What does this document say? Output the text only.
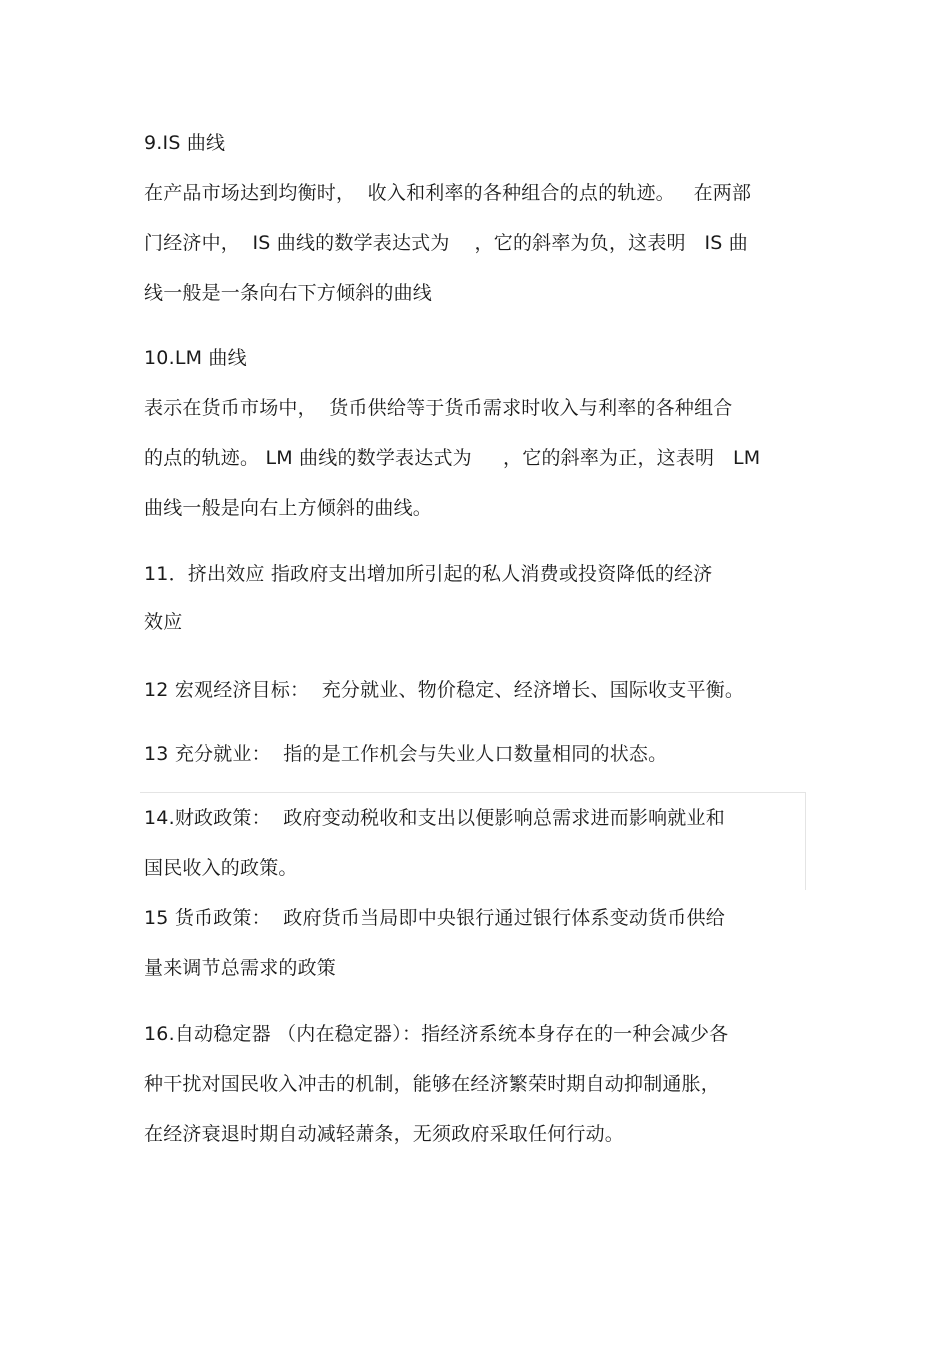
9.IS 曲线
在产品市场达到均衡时，  收入和利率的各种组合的点的轨迹。   在两部
门经济中，  IS 曲线的数学表达式为    ，它的斜率为负，这表明   IS 曲
线一般是一条向右下方倾斜的曲线
10.LM 曲线
表示在货币市场中，  货币供给等于货币需求时收入与利率的各种组合
的点的轨迹。 LM 曲线的数学表达式为     ，它的斜率为正，这表明   LM
曲线一般是向右上方倾斜的曲线。
11．挤出效应 指政府支出增加所引起的私人消费或投资降低的经济
效应
12 宏观经济目标：  充分就业、物价稳定、经济增长、国际收支平衡。
13 充分就业：  指的是工作机会与失业人口数量相同的状态。
14.财政政策：  政府变动税收和支出以便影响总需求进而影响就业和
国民收入的政策。
15 货币政策：  政府货币当局即中央银行通过银行体系变动货币供给
量来调节总需求的政策
16.自动稳定器 （内在稳定器）：指经济系统本身存在的一种会减少各
种干扰对国民收入冲击的机制，能够在经济繁荣时期自动抑制通胀，
在经济衰退时期自动减轻萧条，无须政府采取任何行动。
